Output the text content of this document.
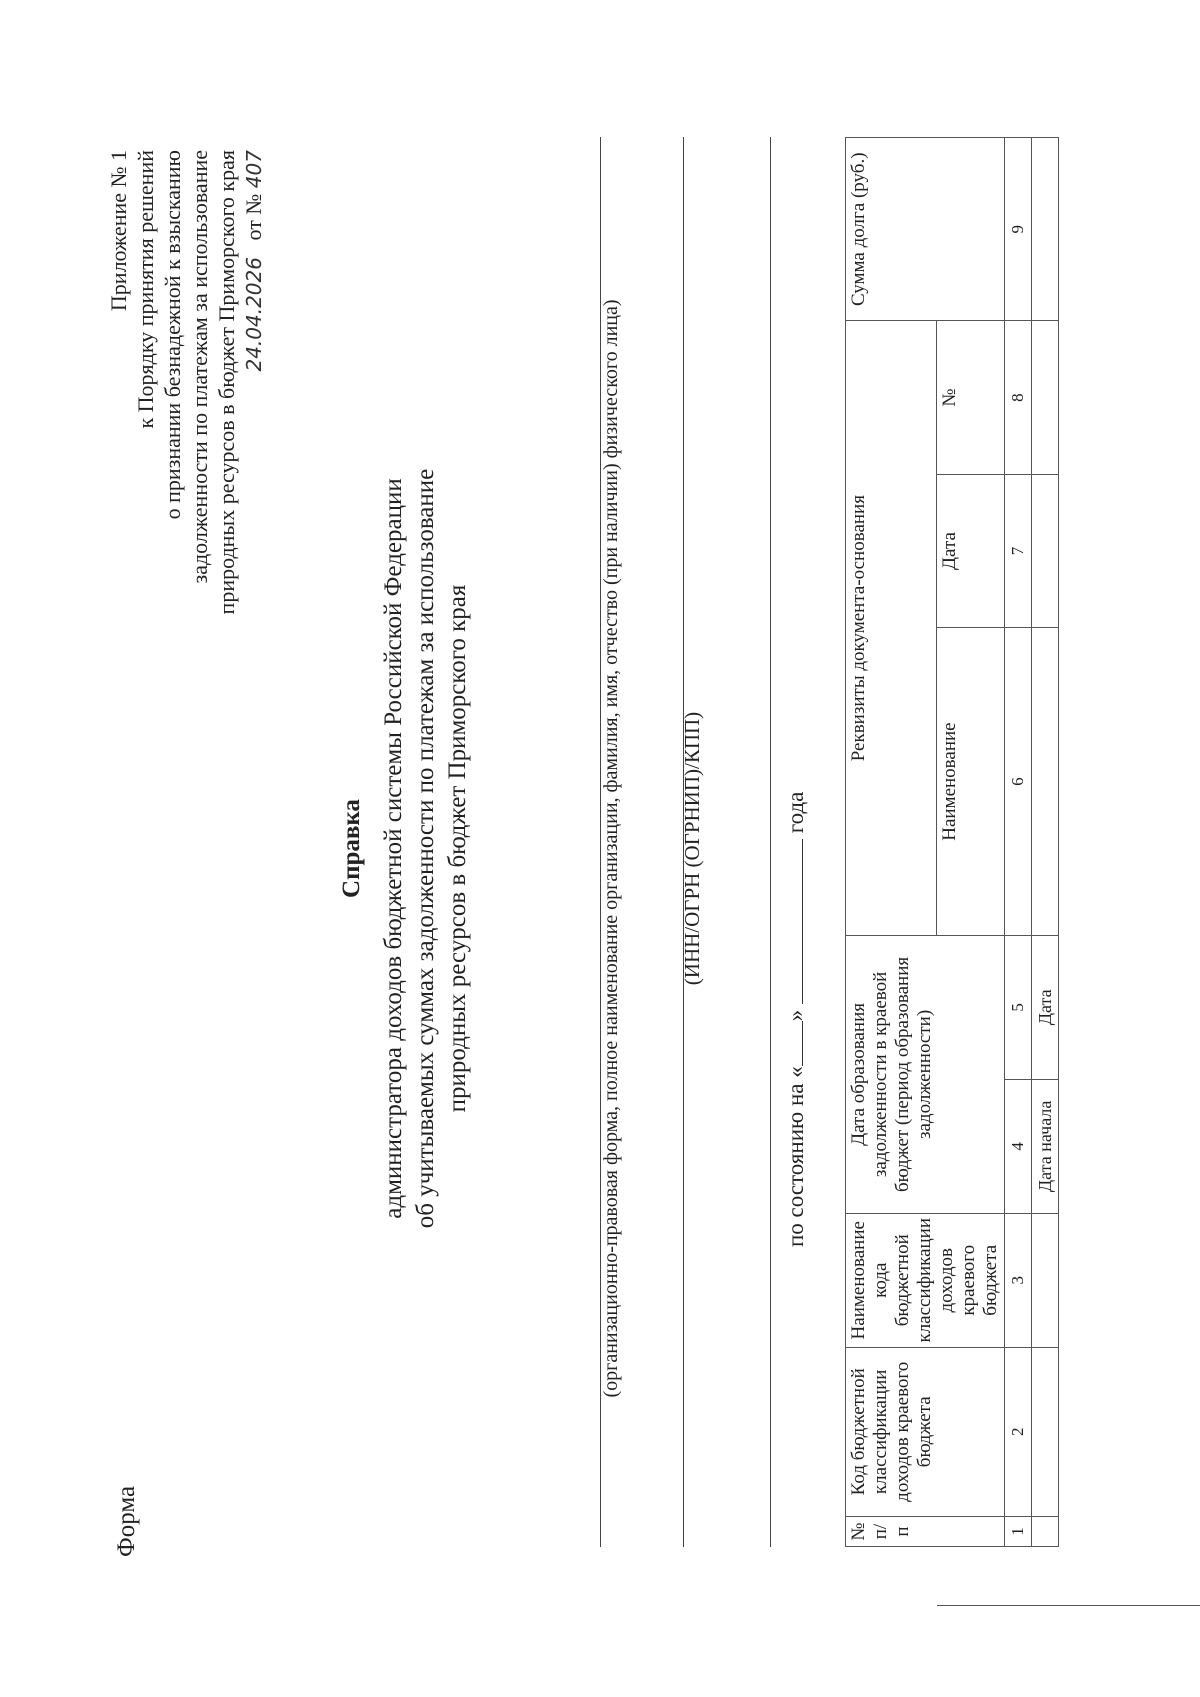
Форма
Приложение № 1 к Порядку принятия решений о признании безнадежной к взысканию задолженности по платежам за использование природных ресурсов в бюджет Приморского края 24.04.2026   от № 407
Справка администратора доходов бюджетной системы Российской Федерации об учитываемых суммах задолженности по платежам за использование природных ресурсов в бюджет Приморского края	(организационно-правовая форма, полное наименование организации, фамилия, имя, отчество (при наличии) физического лица)	(ИНН/ОГРН (ОГРНИП)/КПП)
по состоянию на «»  года
№ п/п	Код бюджетной классификации доходов краевого бюджета	Наименование кода бюджетной классификации доходов краевого бюджета	Дата образования задолженности в краевой бюджет (период образования задолженности)		Реквизиты документа-основания			Сумма долга (руб.)
					Наименование	Дата	№	
1	2	3	4	5	6	7	8	9
			Дата начала	Дата				
